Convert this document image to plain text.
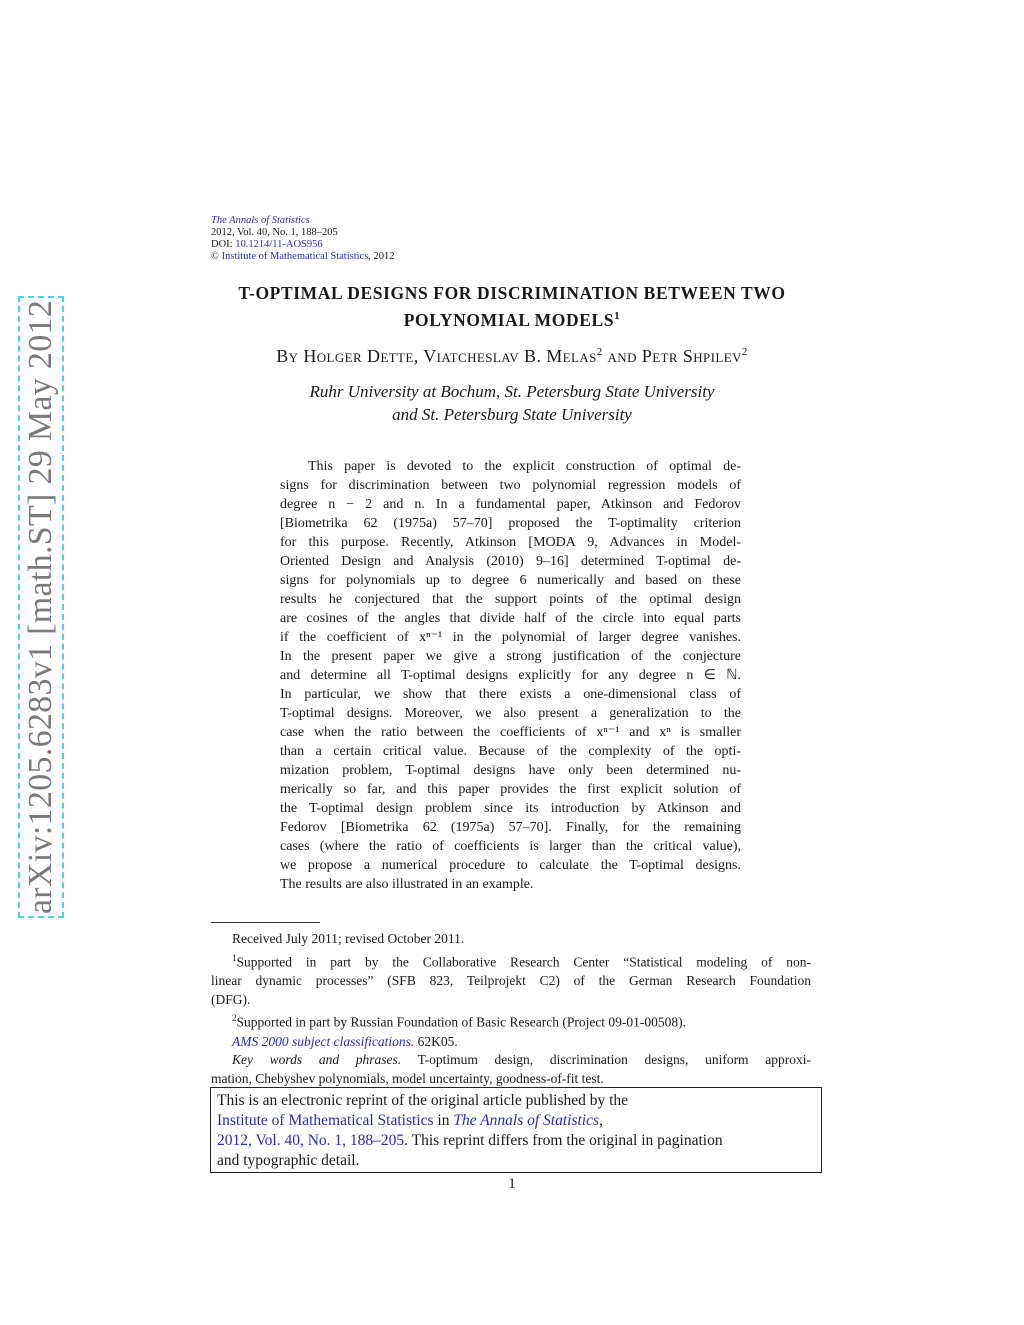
arXiv:1205.6283v1 [math.ST] 29 May 2012
The Annals of Statistics
2012, Vol. 40, No. 1, 188–205
DOI: 10.1214/11-AOS956
© Institute of Mathematical Statistics, 2012
T-OPTIMAL DESIGNS FOR DISCRIMINATION BETWEEN TWO
POLYNOMIAL MODELS$^1$
By Holger Dette, Viatcheslav B. Melas$^2$ and Petr Shpilev$^2$
Ruhr University at Bochum, St. Petersburg State University
and St. Petersburg State University
This paper is devoted to the explicit construction of optimal de-
signs for discrimination between two polynomial regression models of
degree n − 2 and n. In a fundamental paper, Atkinson and Fedorov
[Biometrika 62 (1975a) 57–70] proposed the T-optimality criterion
for this purpose. Recently, Atkinson [MODA 9, Advances in Model-
Oriented Design and Analysis (2010) 9–16] determined T-optimal de-
signs for polynomials up to degree 6 numerically and based on these
results he conjectured that the support points of the optimal design
are cosines of the angles that divide half of the circle into equal parts
if the coefficient of xⁿ⁻¹ in the polynomial of larger degree vanishes.
In the present paper we give a strong justification of the conjecture
and determine all T-optimal designs explicitly for any degree n ∈ ℕ.
In particular, we show that there exists a one-dimensional class of
T-optimal designs. Moreover, we also present a generalization to the
case when the ratio between the coefficients of xⁿ⁻¹ and xⁿ is smaller
than a certain critical value. Because of the complexity of the opti-
mization problem, T-optimal designs have only been determined nu-
merically so far, and this paper provides the first explicit solution of
the T-optimal design problem since its introduction by Atkinson and
Fedorov [Biometrika 62 (1975a) 57–70]. Finally, for the remaining
cases (where the ratio of coefficients is larger than the critical value),
we propose a numerical procedure to calculate the T-optimal designs.
The results are also illustrated in an example.
Received July 2011; revised October 2011.
$^1$Supported in part by the Collaborative Research Center “Statistical modeling of non-
linear dynamic processes” (SFB 823, Teilprojekt C2) of the German Research Foundation
(DFG).
$^2$Supported in part by Russian Foundation of Basic Research (Project 09-01-00508).
AMS 2000 subject classifications. 62K05.
Key words and phrases. T-optimum design, discrimination designs, uniform approxi-
mation, Chebyshev polynomials, model uncertainty, goodness-of-fit test.
This is an electronic reprint of the original article published by the
Institute of Mathematical Statistics in The Annals of Statistics,
2012, Vol. 40, No. 1, 188–205. This reprint differs from the original in pagination
and typographic detail.
1
